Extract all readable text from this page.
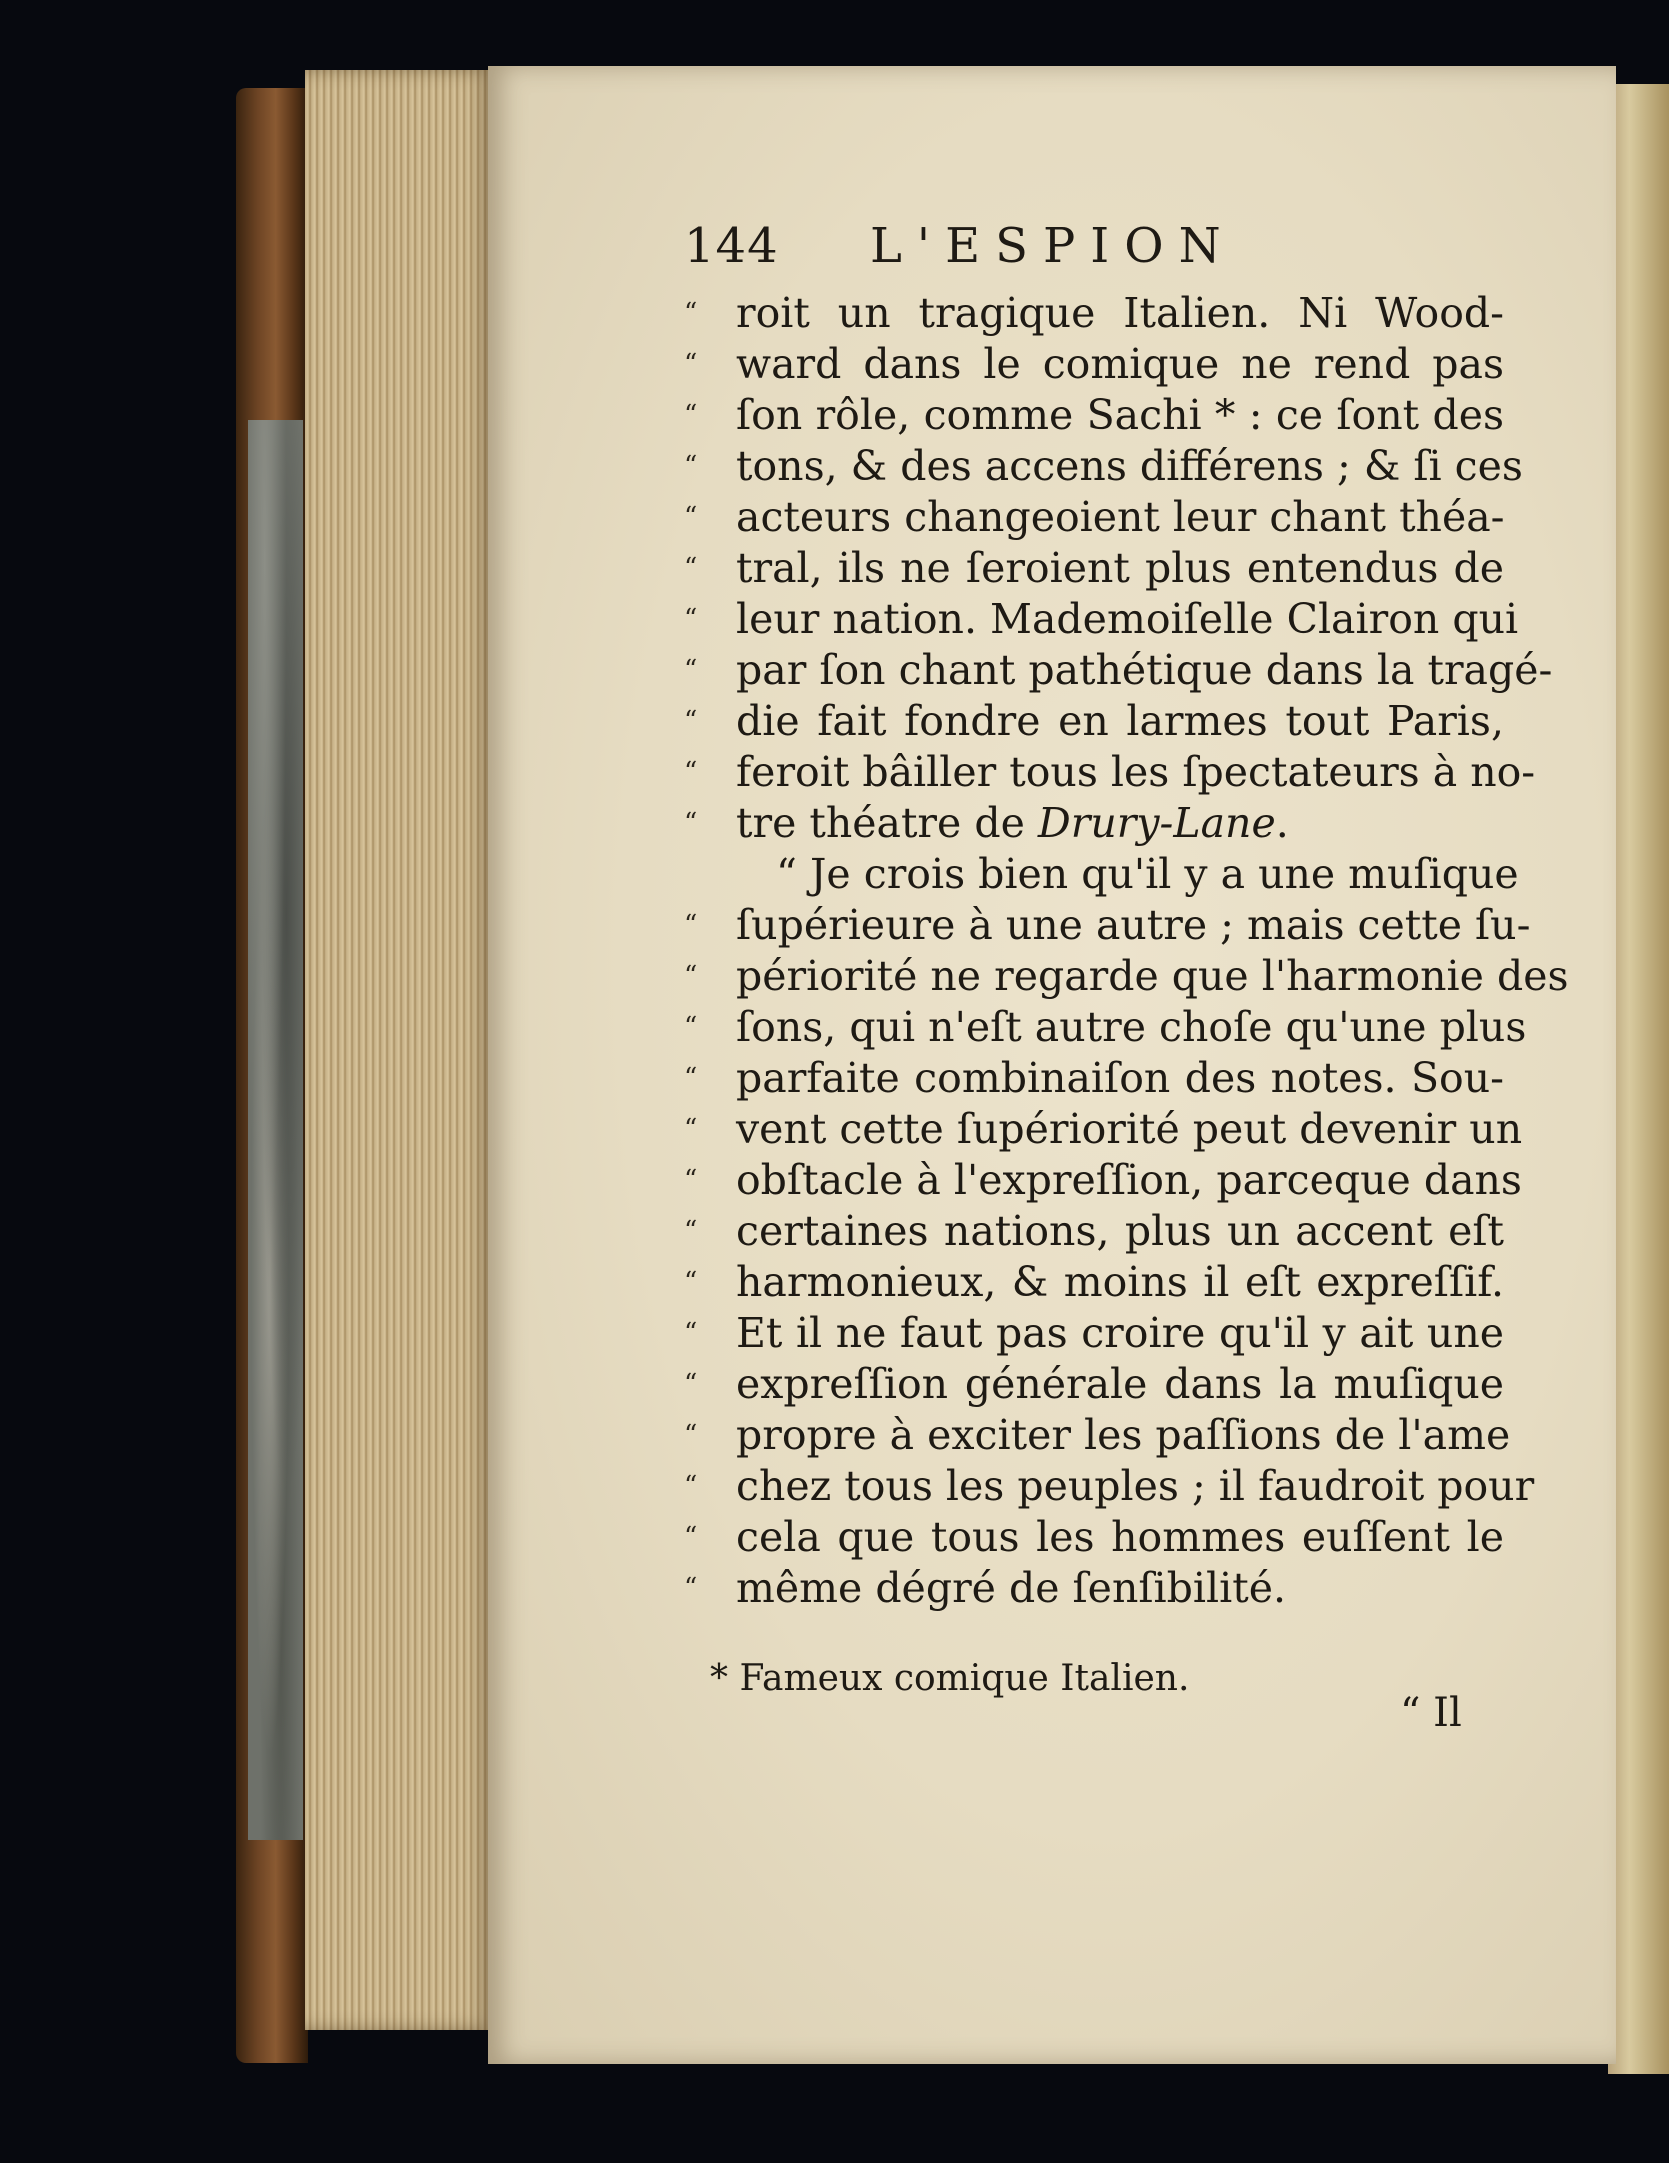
144 L'ESPION
“ roit un tragique Italien. Ni Wood-
“ ward dans le comique ne rend pas
“ ſon rôle, comme Sachi * : ce ſont des
“ tons, & des accens différens ; & ſi ces
“ acteurs changeoient leur chant théa-
“ tral, ils ne ſeroient plus entendus de
“ leur nation. Mademoiſelle Clairon qui
“ par ſon chant pathétique dans la tragé-
“ die fait fondre en larmes tout Paris,
“ feroit bâiller tous les ſpectateurs à no-
“ tre théatre de Drury-Lane.
“ Je crois bien qu'il y a une muſique
“ ſupérieure à une autre ; mais cette ſu-
“ périorité ne regarde que l'harmonie des
“ ſons, qui n'eſt autre choſe qu'une plus
“ parfaite combinaiſon des notes. Sou-
“ vent cette ſupériorité peut devenir un
“ obſtacle à l'expreſſion, parceque dans
“ certaines nations, plus un accent eſt
“ harmonieux, & moins il eſt expreſſif.
“ Et il ne faut pas croire qu'il y ait une
“ expreſſion générale dans la muſique
“ propre à exciter les paſſions de l'ame
“ chez tous les peuples ; il faudroit pour
“ cela que tous les hommes euſſent le
“ même dégré de ſenſibilité.
* Fameux comique Italien.
“ Il
